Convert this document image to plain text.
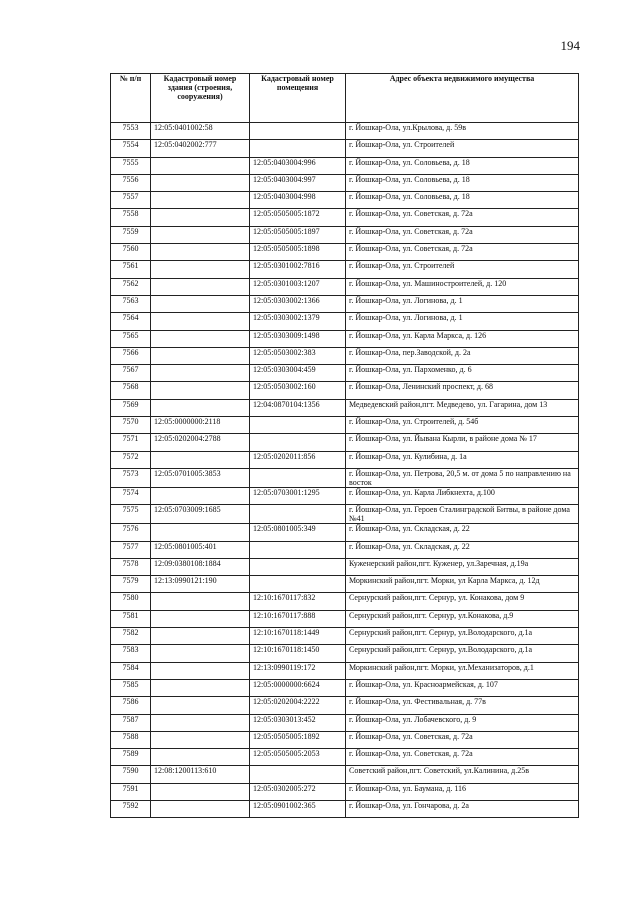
194
№ п/п	Кадастровый номер здания (строения, сооружения)	Кадастровый номер помещения	Адрес объекта недвижимого имущества
7553	12:05:0401002:58		г. Йошкар-Ола, ул.Крылова, д. 59в
7554	12:05:0402002:777		г. Йошкар-Ола, ул. Строителей
7555		12:05:0403004:996	г. Йошкар-Ола, ул. Соловьева, д. 18
7556		12:05:0403004:997	г. Йошкар-Ола, ул. Соловьева, д. 18
7557		12:05:0403004:998	г. Йошкар-Ола, ул. Соловьева, д. 18
7558		12:05:0505005:1872	г. Йошкар-Ола, ул. Советская, д. 72а
7559		12:05:0505005:1897	г. Йошкар-Ола, ул. Советская, д. 72а
7560		12:05:0505005:1898	г. Йошкар-Ола, ул. Советская, д. 72а
7561		12:05:0301002:7816	г. Йошкар-Ола, ул. Строителей
7562		12:05:0301003:1207	г. Йошкар-Ола, ул. Машиностроителей, д. 120
7563		12:05:0303002:1366	г. Йошкар-Ола, ул. Логинова, д. 1
7564		12:05:0303002:1379	г. Йошкар-Ола, ул. Логинова, д. 1
7565		12:05:0303009:1498	г. Йошкар-Ола, ул. Карла Маркса, д. 126
7566		12:05:0503002:383	г. Йошкар-Ола, пер.Заводской, д. 2а
7567		12:05:0303004:459	г. Йошкар-Ола, ул. Пархоменко, д. 6
7568		12:05:0503002:160	г. Йошкар-Ола, Ленинский проспект, д. 68
7569		12:04:0870104:1356	Медведевский район,пгт. Медведево, ул. Гагарина, дом 13
7570	12:05:0000000:2118		г. Йошкар-Ола, ул. Строителей, д. 54б
7571	12:05:0202004:2788		г. Йошкар-Ола, ул. Йывана Кырли, в районе дома № 17
7572		12:05:0202011:856	г. Йошкар-Ола, ул. Кулибина, д. 1а
7573	12:05:0701005:3853		г. Йошкар-Ола, ул. Петрова, 20,5 м. от дома 5 по направлению на восток
7574		12:05:0703001:1295	г. Йошкар-Ола, ул. Карла Либкнехта, д.100
7575	12:05:0703009:1685		г. Йошкар-Ола, ул. Героев Сталинградской Битвы, в районе дома №41
7576		12:05:0801005:349	г. Йошкар-Ола, ул. Складская, д. 22
7577	12:05:0801005:401		г. Йошкар-Ола, ул. Складская, д. 22
7578	12:09:0380108:1884		Куженерский район,пгт. Куженер, ул.Заречная, д.19а
7579	12:13:0990121:190		Моркинский район,пгт. Морки, ул Карла Маркса, д. 12д
7580		12:10:1670117:832	Сернурский район,пгт. Сернур, ул. Конакова, дом 9
7581		12:10:1670117:888	Сернурский район,пгт. Сернур, ул.Конакова, д.9
7582		12:10:1670118:1449	Сернурский район,пгт. Сернур, ул.Володарского, д.1а
7583		12:10:1670118:1450	Сернурский район,пгт. Сернур, ул.Володарского, д.1а
7584		12:13:0990119:172	Моркинский район,пгт. Морки, ул.Механизаторов, д.1
7585		12:05:0000000:6624	г. Йошкар-Ола, ул. Красноармейская, д. 107
7586		12:05:0202004:2222	г. Йошкар-Ола, ул. Фестивальная, д. 77в
7587		12:05:0303013:452	г. Йошкар-Ола, ул. Лобачевского, д. 9
7588		12:05:0505005:1892	г. Йошкар-Ола, ул. Советская, д. 72а
7589		12:05:0505005:2053	г. Йошкар-Ола, ул. Советская, д. 72а
7590	12:08:1200113:610		Советский район,пгт. Советский, ул.Калинина, д.25в
7591		12:05:0302005:272	г. Йошкар-Ола, ул. Баумана, д. 116
7592		12:05:0901002:365	г. Йошкар-Ола, ул. Гончарова, д. 2а
